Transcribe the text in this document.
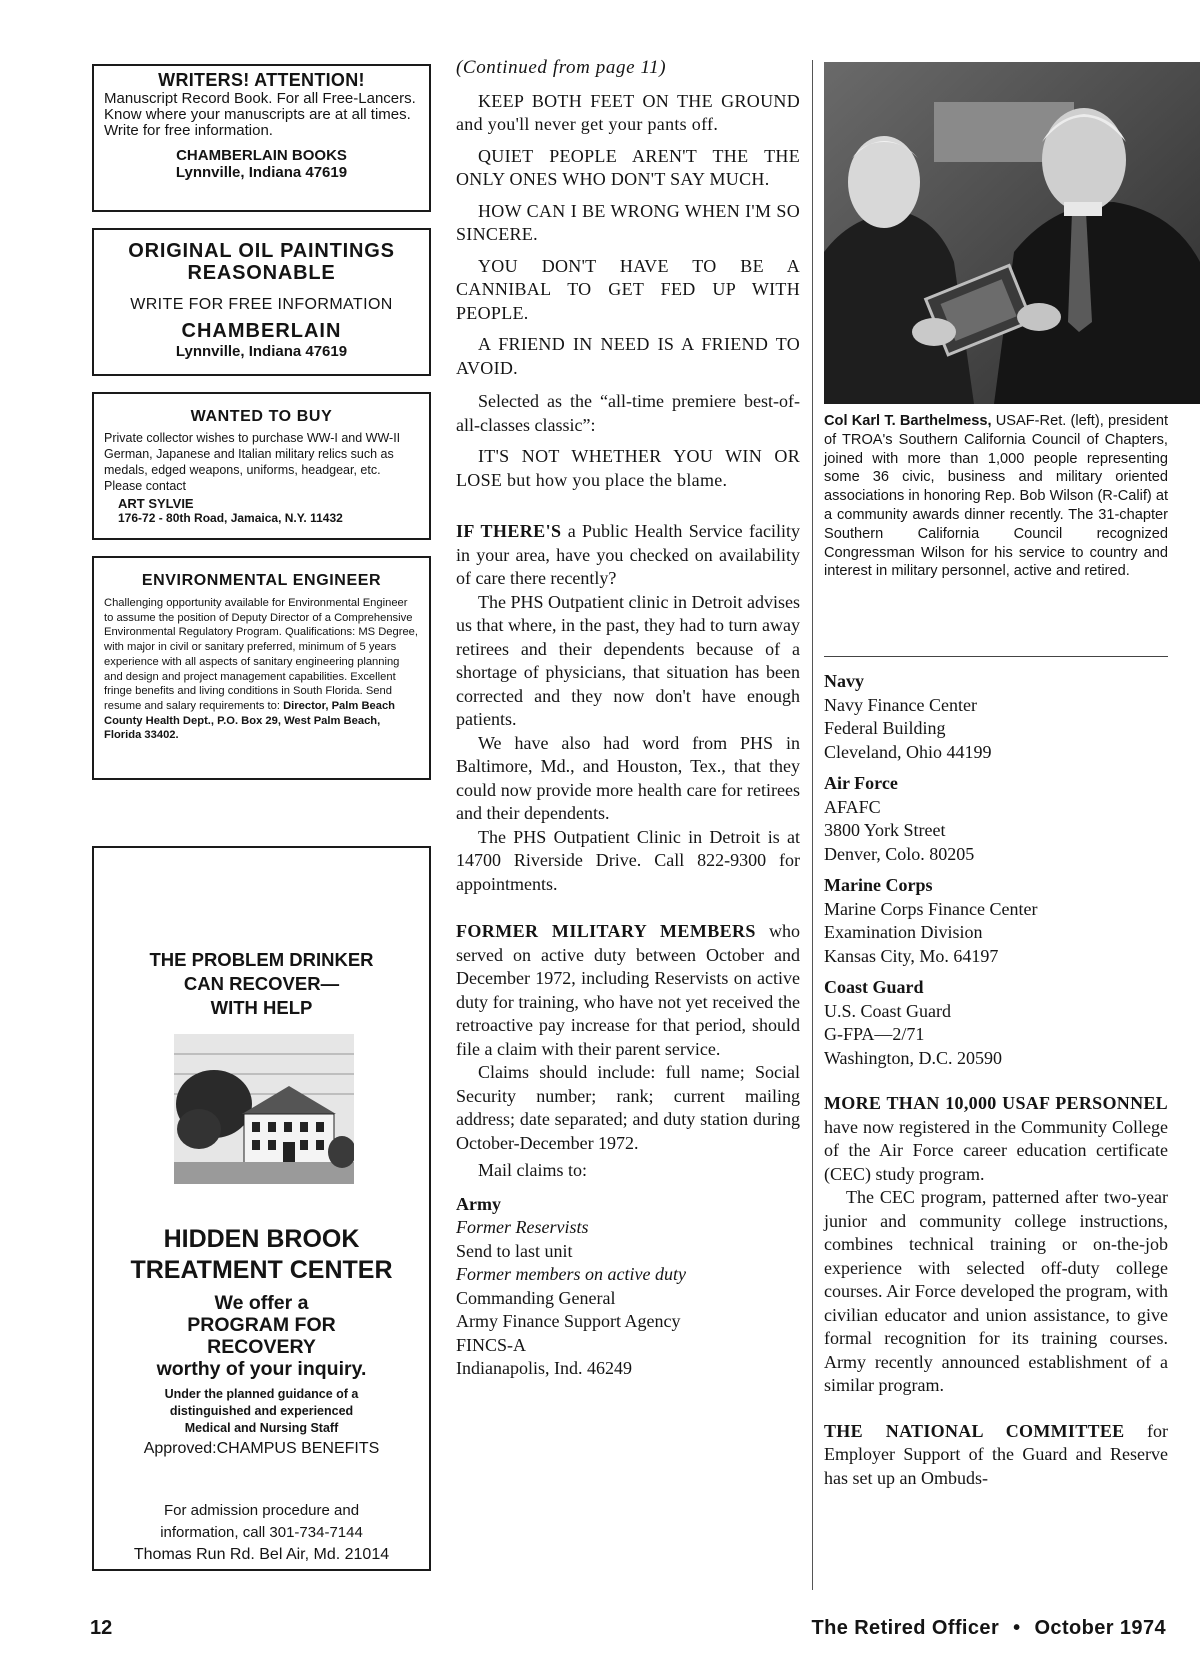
WRITERS! ATTENTION!
Manuscript Record Book. For all Free-Lancers. Know where your manuscripts are at all times. Write for free information.
CHAMBERLAIN BOOKS
Lynnville, Indiana 47619
ORIGINAL OIL PAINTINGS
REASONABLE
WRITE FOR FREE INFORMATION
CHAMBERLAIN
Lynnville, Indiana 47619
WANTED TO BUY
Private collector wishes to purchase WW-I and WW-II German, Japanese and Italian military relics such as medals, edged weapons, uniforms, headgear, etc. Please contact
ART SYLVIE
176-72 - 80th Road, Jamaica, N.Y. 11432
ENVIRONMENTAL ENGINEER
Challenging opportunity available for Environmental Engineer to assume the position of Deputy Director of a Comprehensive Environmental Regulatory Program. Qualifications: MS Degree, with major in civil or sanitary preferred, minimum of 5 years experience with all aspects of sanitary engineering planning and design and project management capabilities. Excellent fringe benefits and living conditions in South Florida. Send resume and salary requirements to: Director, Palm Beach County Health Dept., P.O. Box 29, West Palm Beach, Florida 33402.
THE PROBLEM DRINKER
CAN RECOVER—
WITH HELP
HIDDEN BROOK
TREATMENT CENTER
We offer a
PROGRAM FOR
RECOVERY
worthy of your inquiry.
Under the planned guidance of a
distinguished and experienced
Medical and Nursing Staff
Approved:CHAMPUS BENEFITS
For admission procedure and
information, call 301-734-7144
Thomas Run Rd. Bel Air, Md. 21014

(Continued from page 11)

KEEP BOTH FEET ON THE GROUND and you'll never get your pants off.

QUIET PEOPLE AREN'T THE THE ONLY ONES WHO DON'T SAY MUCH.

HOW CAN I BE WRONG WHEN I'M SO SINCERE.

YOU DON'T HAVE TO BE A CANNIBAL TO GET FED UP WITH PEOPLE.

A FRIEND IN NEED IS A FRIEND TO AVOID.

Selected as the “all-time premiere best-of-all-classes classic”:

IT'S NOT WHETHER YOU WIN OR LOSE but how you place the blame.

IF THERE'S a Public Health Service facility in your area, have you checked on availability of care there recently?

The PHS Outpatient clinic in Detroit advises us that where, in the past, they had to turn away retirees and their dependents because of a shortage of physicians, that situation has been corrected and they now don't have enough patients.

We have also had word from PHS in Baltimore, Md., and Houston, Tex., that they could now provide more health care for retirees and their dependents.

The PHS Outpatient Clinic in Detroit is at 14700 Riverside Drive. Call 822-9300 for appointments.

FORMER MILITARY MEMBERS who served on active duty between October and December 1972, including Reservists on active duty for training, who have not yet received the retroactive pay increase for that period, should file a claim with their parent service.

Claims should include: full name; Social Security number; rank; current mailing address; date separated; and duty station during October-December 1972.

Mail claims to:

Army

Former Reservists

Send to last unit

Former members on active duty

Commanding General

Army Finance Support Agency

FINCS-A

Indianapolis, Ind. 46249

Col Karl T. Barthelmess, USAF-Ret. (left), president of TROA's Southern California Council of Chapters, joined with more than 1,000 people representing some 36 civic, business and military oriented associations in honoring Rep. Bob Wilson (R-Calif) at a community awards dinner recently. The 31-chapter Southern California Council recognized Congressman Wilson for his service to country and interest in military personnel, active and retired.

Navy

Navy Finance Center

Federal Building

Cleveland, Ohio 44199

Air Force

AFAFC

3800 York Street

Denver, Colo. 80205

Marine Corps

Marine Corps Finance Center

Examination Division

Kansas City, Mo. 64197

Coast Guard

U.S. Coast Guard

G-FPA—2/71

Washington, D.C. 20590

MORE THAN 10,000 USAF PERSONNEL have now registered in the Community College of the Air Force career education certificate (CEC) study program.

The CEC program, patterned after two-year junior and community college instructions, combines technical training or on-the-job experience with selected off-duty college courses. Air Force developed the program, with civilian educator and union assistance, to give formal recognition for its training courses. Army recently announced establishment of a similar program.

THE NATIONAL COMMITTEE for Employer Support of the Guard and Reserve has set up an Ombuds-

12	The Retired Officer • October 1974
